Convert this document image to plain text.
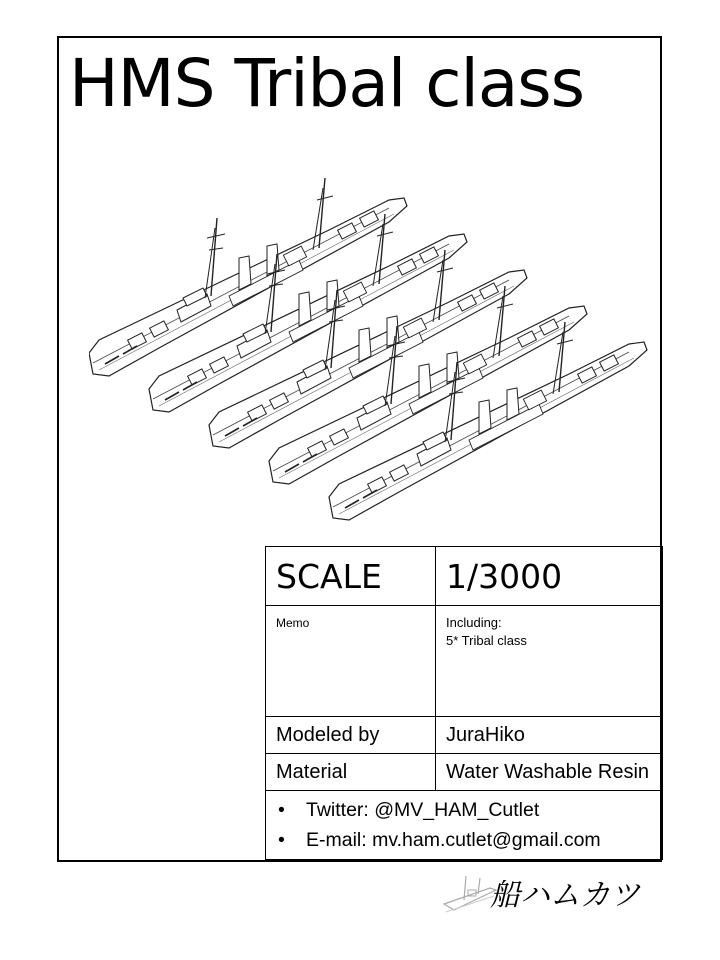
HMS Tribal class
SCALE	1/3000
Memo	Including:
5* Tribal class

Modeled by	JuraHiko
Material	Water Washable Resin

• Twitter: @MV_HAM_Cutlet
• E-mail: mv.ham.cutlet@gmail.com	
船ハムカツ
